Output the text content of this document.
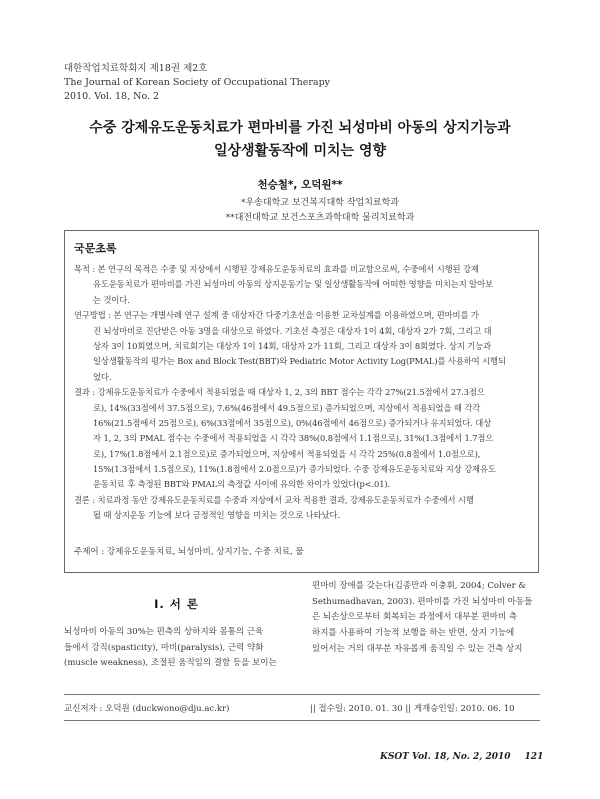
대한작업치료학회지 제18권 제2호
The Journal of Korean Society of Occupational Therapy
2010. Vol. 18, No. 2
수중 강제유도운동치료가 편마비를 가진 뇌성마비 아동의 상지기능과
일상생활동작에 미치는 영향
천승철*, 오덕원**
*우송대학교 보건복지대학 작업치료학과
**대전대학교 보건스포츠과학대학 물리치료학과
국문초록
목적 : 본 연구의 목적은 수중 및 지상에서 시행된 강제유도운동치료의 효과를 비교함으로써, 수중에서 시행된 강제
유도운동치료가 편마비를 가진 뇌성마비 아동의 상지운동기능 및 일상생활동작에 어떠한 영향을 미치는지 알아보
는 것이다.
연구방법 : 본 연구는 개별사례 연구 설계 중 대상자간 다중기초선을 이용한 교차설계를 이용하였으며, 편마비를 가
진 뇌성마비로 진단받은 아동 3명을 대상으로 하였다. 기초선 측정은 대상자 1이 4회, 대상자 2가 7회, 그리고 대
상자 3이 10회였으며, 치료회기는 대상자 1이 14회, 대상자 2가 11회, 그리고 대상자 3이 8회였다. 상지 기능과
일상생활동작의 평가는 Box and Block Test(BBT)와 Pediatric Motor Activity Log(PMAL)를 사용하여 시행되
었다.
결과 : 강제유도운동치료가 수중에서 적용되었을 때 대상자 1, 2, 3의 BBT 점수는 각각 27%(21.5점에서 27.3점으
로), 14%(33점에서 37.5점으로), 7.6%(46점에서 49.5점으로) 증가되었으며, 지상에서 적용되었을 때 각각
16%(21.5점에서 25점으로), 6%(33점에서 35점으로), 0%(46점에서 46점으로) 증가되거나 유지되었다. 대상
자 1, 2, 3의 PMAL 점수는 수중에서 적용되었을 시 각각 38%(0.8점에서 1.1점으로), 31%(1.3점에서 1.7점으
로), 17%(1.8점에서 2.1점으로)로 증가되었으며, 지상에서 적용되었을 시 각각 25%(0.8점에서 1.0점으로),
15%(1.3점에서 1.5점으로), 11%(1.8점에서 2.0점으로)가 증가되었다. 수중 강제유도운동치료와 지상 강제유도
운동치료 후 측정된 BBT와 PMAL의 측정값 사이에 유의한 차이가 있었다(p<.01).
결론 : 치료과정 동안 강제유도운동치료를 수중과 지상에서 교차 적용한 결과, 강제유도운동치료가 수중에서 시행
될 때 상지운동 기능에 보다 긍정적인 영향을 미치는 것으로 나타났다.
주제어 : 강제유도운동치료, 뇌성마비, 상지기능, 수중 치료, 물
Ⅰ. 서 론
뇌성마비 아동의 30%는 편측의 상하지와 몸통의 근육
들에서 강직(spasticity), 마비(paralysis), 근력 약화
(muscle weakness), 조절된 움직임의 결함 등을 보이는
편마비 장애를 갖는다(김종만과 이충휘, 2004; Colver &
Sethumadhavan, 2003). 편마비를 가진 뇌성마비 아동들
은 뇌손상으로부터 회복되는 과정에서 대부분 편마비 측
하지를 사용하여 기능적 보행을 하는 반면, 상지 기능에
있어서는 거의 대부분 자유롭게 움직일 수 있는 건측 상지
교신저자 : 오덕원 (duckwono@dju.ac.kr)	|| 접수일: 2010. 01. 30 || 게재승인일: 2010. 06. 10
KSOT Vol. 18, No. 2, 2010 121
